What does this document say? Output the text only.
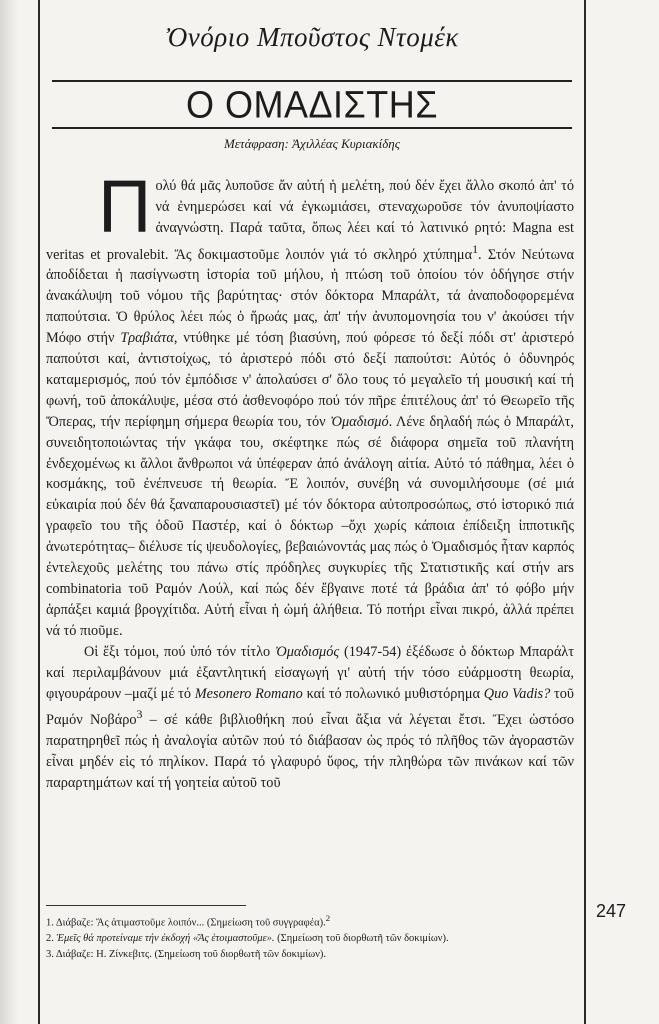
Ὀνόριο Μποῦστος Ντομέκ
Ο ΟΜΑΔΙΣΤΗΣ
Μετάφραση: Ἀχιλλέας Κυριακίδης

Πολύ θά μᾶς λυποῦσε ἄν αὐτή ἡ μελέτη, πού δέν ἔχει ἄλλο σκοπό ἀπ' τό νά ἐνημερώσει καί νά ἐγκωμιάσει, στεναχωροῦσε τόν ἀνυποψίαστο ἀναγνώστη. Παρά ταῦτα, ὅπως λέει καί τό λατινικό ρητό: Magna est veritas et provalebit. Ἄς δοκιμαστοῦμε λοιπόν γιά τό σκληρό χτύπημα$^1$. Στόν Νεύτωνα ἀποδίδεται ἡ πασίγνωστη ἱστορία τοῦ μήλου, ἡ πτώση τοῦ ὁποίου τόν ὁδήγησε στήν ἀνακάλυψη τοῦ νόμου τῆς βαρύτητας· στόν δόκτορα Μπαράλτ, τά ἀναποδοφορεμένα παπούτσια. Ὁ θρύλος λέει πώς ὁ ἥρωάς μας, ἀπ' τήν ἀνυπομονησία του ν' ἀκούσει τήν Μόφο στήν Τραβιάτα, ντύθηκε μέ τόση βιασύνη, πού φόρεσε τό δεξί πόδι στ' ἀριστερό παπούτσι καί, ἀντιστοίχως, τό ἀριστερό πόδι στό δεξί παπούτσι: Αὐτός ὁ ὀδυνηρός καταμερισμός, πού τόν ἐμπόδισε ν' ἀπολαύσει σ' ὅλο τους τό μεγαλεῖο τή μουσική καί τή φωνή, τοῦ ἀποκάλυψε, μέσα στό ἀσθενοφόρο πού τόν πῆρε ἐπιτέλους ἀπ' τό Θεωρεῖο τῆς Ὄπερας, τήν περίφημη σήμερα θεωρία του, τόν Ὀμαδισμό. Λένε δηλαδή πώς ὁ Μπαράλτ, συνειδητοποιώντας τήν γκάφα του, σκέφτηκε πώς σέ διάφορα σημεῖα τοῦ πλανήτη ἐνδεχομένως κι ἄλλοι ἄνθρωποι νά ὑπέφεραν ἀπό ἀνάλογη αἰτία. Αὐτό τό πάθημα, λέει ὁ κοσμάκης, τοῦ ἐνέπνευσε τή θεωρία. Ἔ λοιπόν, συνέβη νά συνομιλήσουμε (σέ μιά εὐκαιρία πού δέν θά ξαναπαρουσιαστεῖ) μέ τόν δόκτορα αὐτοπροσώπως, στό ἱστορικό πιά γραφεῖο του τῆς ὁδοῦ Παστέρ, καί ὁ δόκτωρ –ὄχι χωρίς κάποια ἐπίδειξη ἱπποτικῆς ἀνωτερότητας– διέλυσε τίς ψευδολογίες, βεβαιώνοντάς μας πώς ὁ Ὀμαδισμός ἦταν καρπός ἐντελεχοῦς μελέτης του πάνω στίς πρόδηλες συγκυρίες τῆς Στατιστικῆς καί στήν ars combinatoria τοῦ Ραμόν Λούλ, καί πώς δέν ἔβγαινε ποτέ τά βράδια ἀπ' τό φόβο μήν ἁρπάξει καμιά βρογχίτιδα. Αὐτή εἶναι ἡ ὠμή ἀλήθεια. Τό ποτήρι εἶναι πικρό, ἀλλά πρέπει νά τό πιοῦμε.

Οἱ ἕξι τόμοι, πού ὑπό τόν τίτλο Ὀμαδισμός (1947-54) ἐξέδωσε ὁ δόκτωρ Μπαράλτ καί περιλαμβάνουν μιά ἐξαντλητική εἰσαγωγή γι' αὐτή τήν τόσο εὐάρμοστη θεωρία, φιγουράρουν –μαζί μέ τό Mesonero Romano καί τό πολωνικό μυθιστόρημα Quo Vadis? τοῦ Ραμόν Νοβάρο$^3$ – σέ κάθε βιβλιοθήκη πού εἶναι ἄξια νά λέγεται ἔτσι. Ἔχει ὡστόσο παρατηρηθεῖ πώς ἡ ἀναλογία αὐτῶν πού τό διάβασαν ὡς πρός τό πλῆθος τῶν ἀγοραστῶν εἶναι μηδέν εἰς τό πηλίκον. Παρά τό γλαφυρό ὕφος, τήν πληθώρα τῶν πινάκων καί τῶν παραρτημάτων καί τή γοητεία αὐτοῦ τοῦ

1. Διάβαζε: Ἄς ἀτιμαστοῦμε λοιπόν... (Σημείωση τοῦ συγγραφέα).$^2$
2. Ἐμεῖς θά προτείναμε τήν ἐκδοχή «Ἄς ἑτοιμαστοῦμε». (Σημείωση τοῦ διορθωτῆ τῶν δοκιμίων).
3. Διάβαζε: Η. Ζίνκεβιτς. (Σημείωση τοῦ διορθωτῆ τῶν δοκιμίων).
247
